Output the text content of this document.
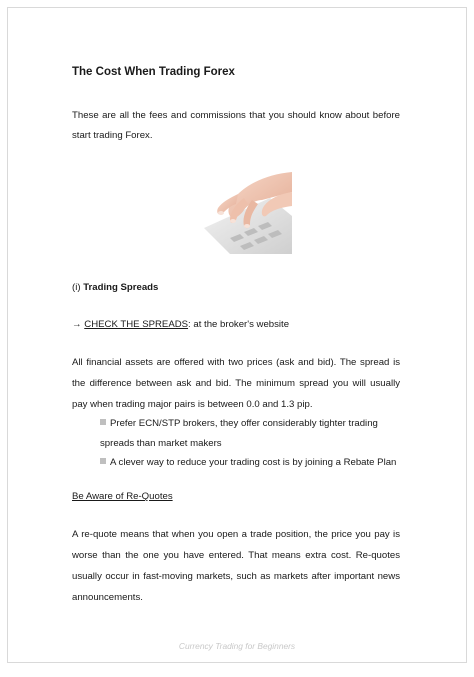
The Cost When Trading Forex
These are all the fees and commissions that you should know about before start trading Forex.
(i) Trading Spreads
→ CHECK THE SPREADS: at the broker's website
All financial assets are offered with two prices (ask and bid). The spread is the difference between ask and bid. The minimum spread you will usually pay when trading major pairs is between 0.0 and 1.3 pip.
Prefer ECN/STP brokers, they offer considerably tighter trading spreads than market makers
A clever way to reduce your trading cost is by joining a Rebate Plan
Be Aware of Re-Quotes
A re-quote means that when you open a trade position, the price you pay is worse than the one you have entered. That means extra cost. Re-quotes usually occur in fast-moving markets, such as markets after important news announcements.
Currency Trading for Beginners
